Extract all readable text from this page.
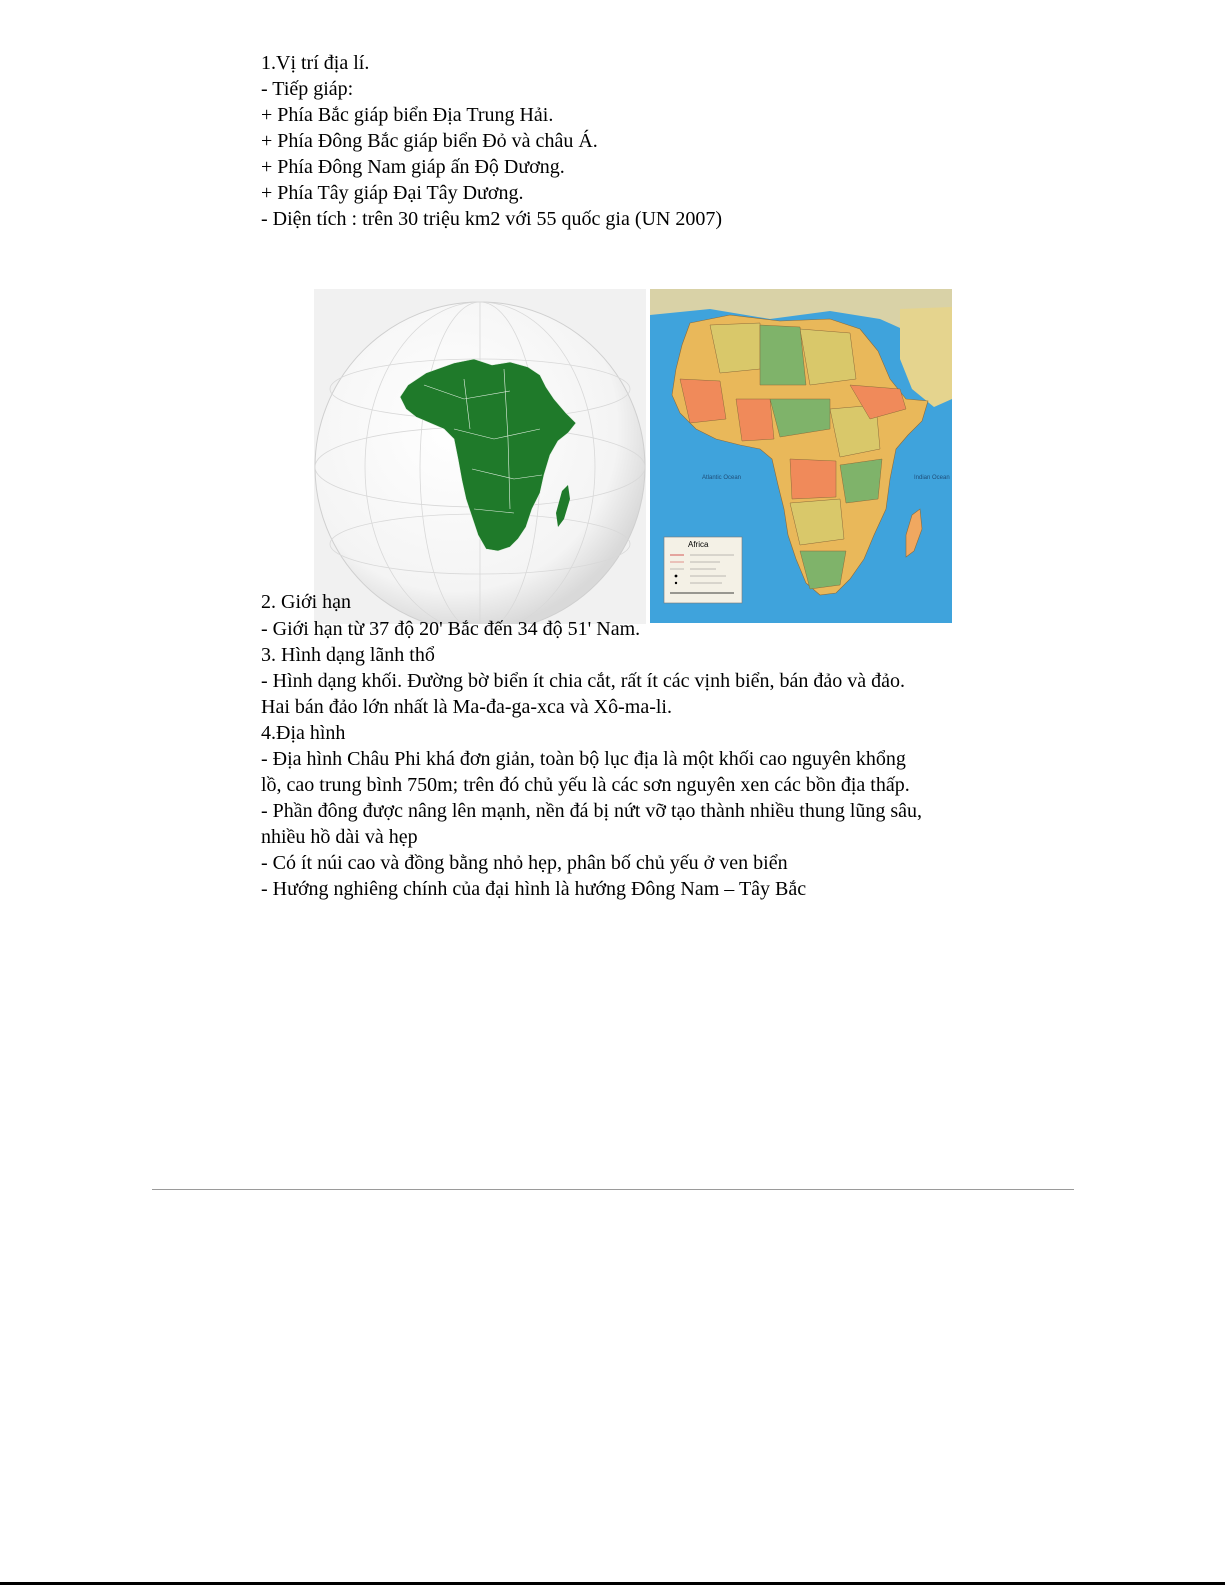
1.Vị trí địa lí.
- Tiếp giáp:
+ Phía Bắc giáp biển Địa Trung Hải.
+ Phía Đông Bắc giáp biển Đỏ và châu Á.
+ Phía Đông Nam giáp ấn Độ Dương.
+ Phía Tây giáp Đại Tây Dương.
- Diện tích : trên 30 triệu km2 với 55 quốc gia (UN 2007)
Atlantic Ocean	Indian Ocean
Africa
2. Giới hạn
- Giới hạn từ 37 độ 20' Bắc đến 34 độ 51' Nam.
3. Hình dạng lãnh thổ
- Hình dạng khối. Đường bờ biển ít chia cắt, rất ít các vịnh biển, bán đảo và đảo.
Hai bán đảo lớn nhất là Ma-đa-ga-xca và Xô-ma-li.
4.Địa hình
- Địa hình Châu Phi khá đơn giản, toàn bộ lục địa là một khối cao nguyên khổng
lồ, cao trung bình 750m; trên đó chủ yếu là các sơn nguyên xen các bồn địa thấp.
- Phần đông được nâng lên mạnh, nền đá bị nứt vỡ tạo thành nhiều thung lũng sâu,
nhiều hồ dài và hẹp
- Có ít núi cao và đồng bằng nhỏ hẹp, phân bố chủ yếu ở ven biển
- Hướng nghiêng chính của đại hình là hướng Đông Nam – Tây Bắc
